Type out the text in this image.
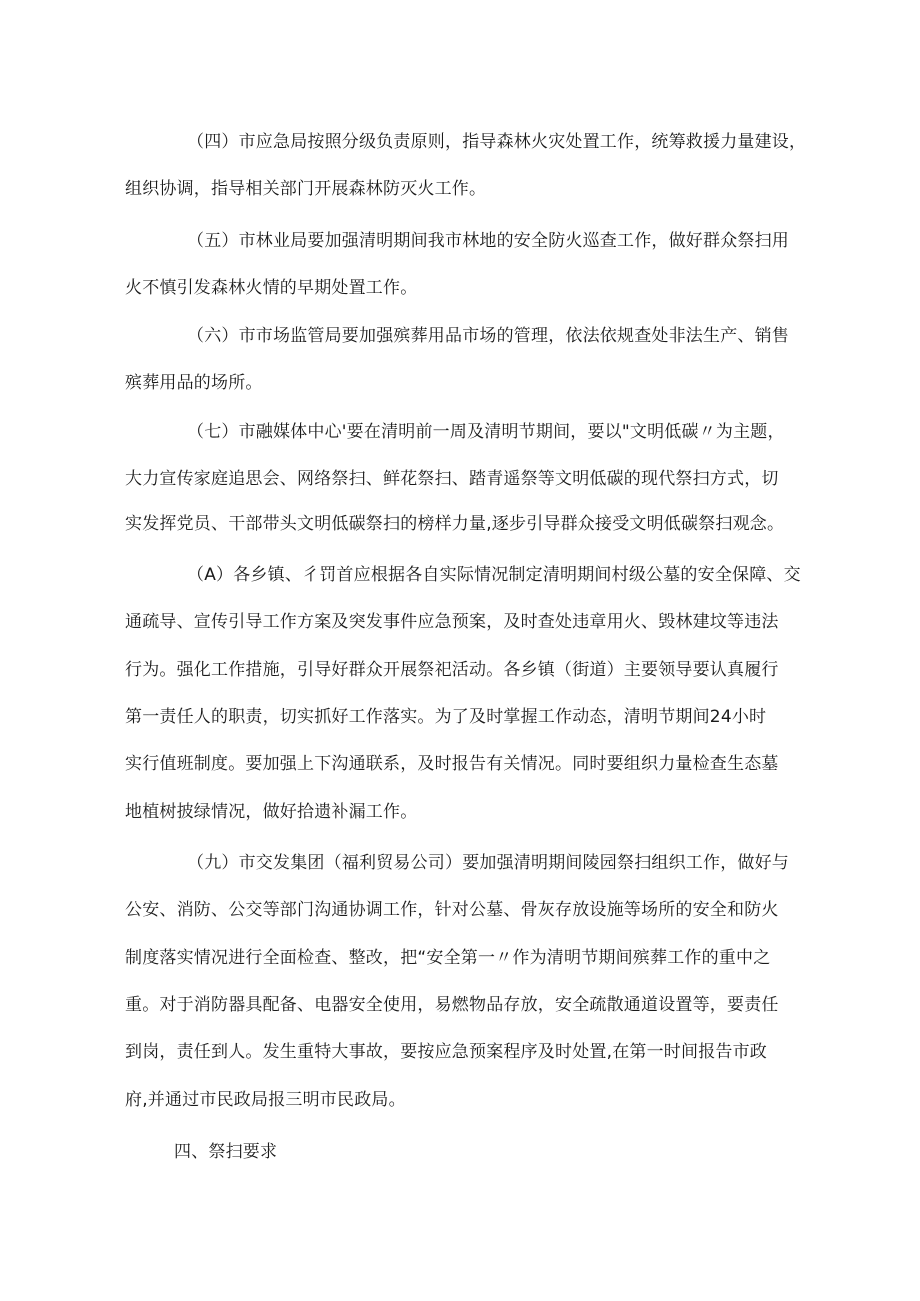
（四）市应急局按照分级负责原则，指导森林火灾处置工作，统筹救援力量建设，
组织协调，指导相关部门开展森林防灭火工作。
（五）市林业局要加强清明期间我市林地的安全防火巡查工作，做好群众祭扫用
火不慎引发森林火情的早期处置工作。
（六）市市场监管局要加强殡葬用品市场的管理，依法依规查处非法生产、销售
殡葬用品的场所。
（七）市融媒体中心'要在清明前一周及清明节期间，要以"文明低碳〃为主题，
大力宣传家庭追思会、网络祭扫、鲜花祭扫、踏青遥祭等文明低碳的现代祭扫方式，切
实发挥党员、干部带头文明低碳祭扫的榜样力量,逐步引导群众接受文明低碳祭扫观念。
（A）各乡镇、彳罚首应根据各自实际情况制定清明期间村级公墓的安全保障、交
通疏导、宣传引导工作方案及突发事件应急预案，及时查处违章用火、毁林建坟等违法
行为。强化工作措施，引导好群众开展祭祀活动。各乡镇（街道）主要领导要认真履行
第一责任人的职责，切实抓好工作落实。为了及时掌握工作动态，清明节期间24小时
实行值班制度。要加强上下沟通联系，及时报告有关情况。同时要组织力量检查生态墓
地植树披绿情况，做好拾遗补漏工作。
（九）市交发集团（福利贸易公司）要加强清明期间陵园祭扫组织工作，做好与
公安、消防、公交等部门沟通协调工作，针对公墓、骨灰存放设施等场所的安全和防火
制度落实情况进行全面检查、整改，把“安全第一〃作为清明节期间殡葬工作的重中之
重。对于消防器具配备、电器安全使用，易燃物品存放，安全疏散通道设置等，要责任
到岗，责任到人。发生重特大事故，要按应急预案程序及时处置,在第一时间报告市政
府,并通过市民政局报三明市民政局。
四、祭扫要求
